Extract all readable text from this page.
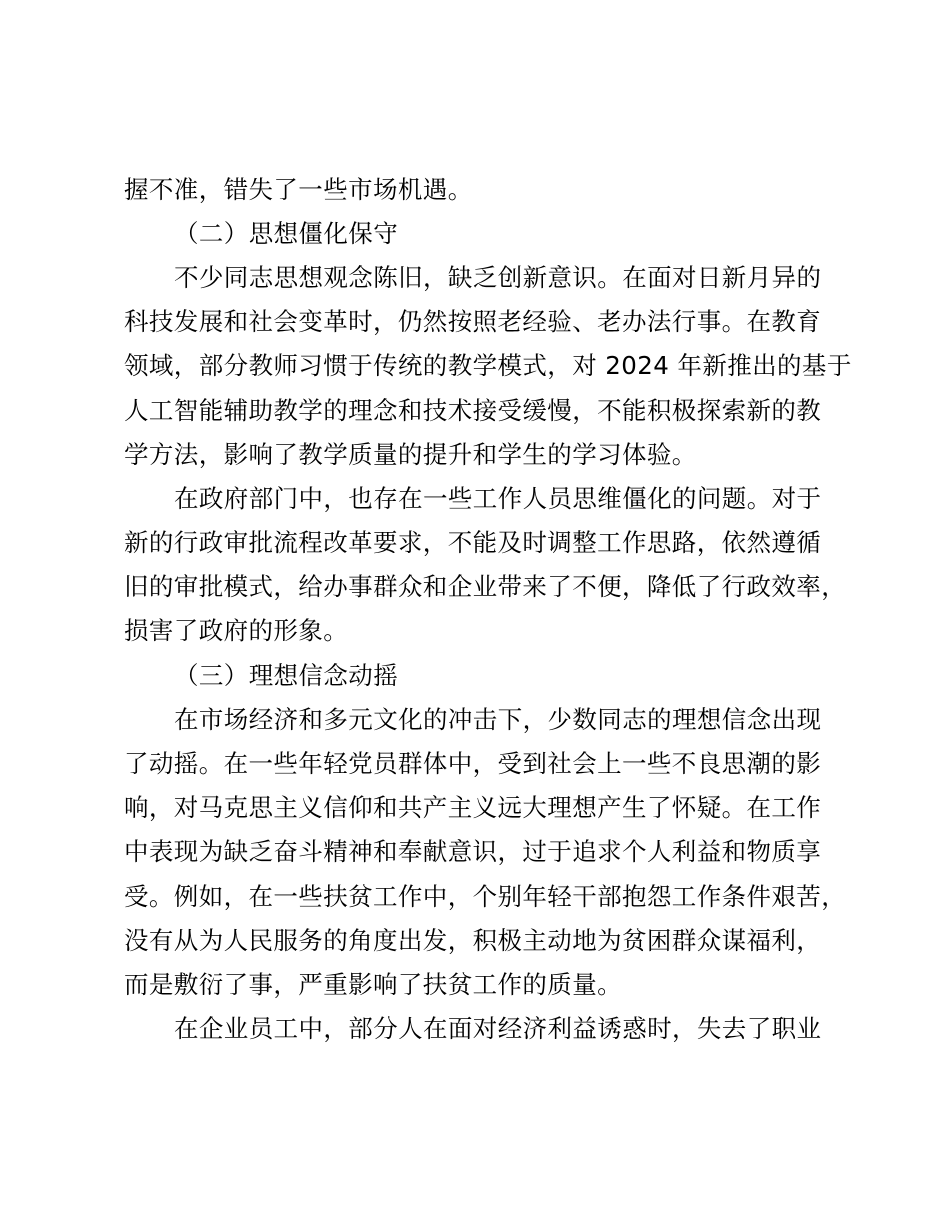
握不准，错失了一些市场机遇。
（二）思想僵化保守
不少同志思想观念陈旧，缺乏创新意识。在面对日新月异的
科技发展和社会变革时，仍然按照老经验、老办法行事。在教育
领域，部分教师习惯于传统的教学模式，对 2024 年新推出的基于
人工智能辅助教学的理念和技术接受缓慢，不能积极探索新的教
学方法，影响了教学质量的提升和学生的学习体验。
在政府部门中，也存在一些工作人员思维僵化的问题。对于
新的行政审批流程改革要求，不能及时调整工作思路，依然遵循
旧的审批模式，给办事群众和企业带来了不便，降低了行政效率，
损害了政府的形象。
（三）理想信念动摇
在市场经济和多元文化的冲击下，少数同志的理想信念出现
了动摇。在一些年轻党员群体中，受到社会上一些不良思潮的影
响，对马克思主义信仰和共产主义远大理想产生了怀疑。在工作
中表现为缺乏奋斗精神和奉献意识，过于追求个人利益和物质享
受。例如，在一些扶贫工作中，个别年轻干部抱怨工作条件艰苦，
没有从为人民服务的角度出发，积极主动地为贫困群众谋福利，
而是敷衍了事，严重影响了扶贫工作的质量。
在企业员工中，部分人在面对经济利益诱惑时，失去了职业
